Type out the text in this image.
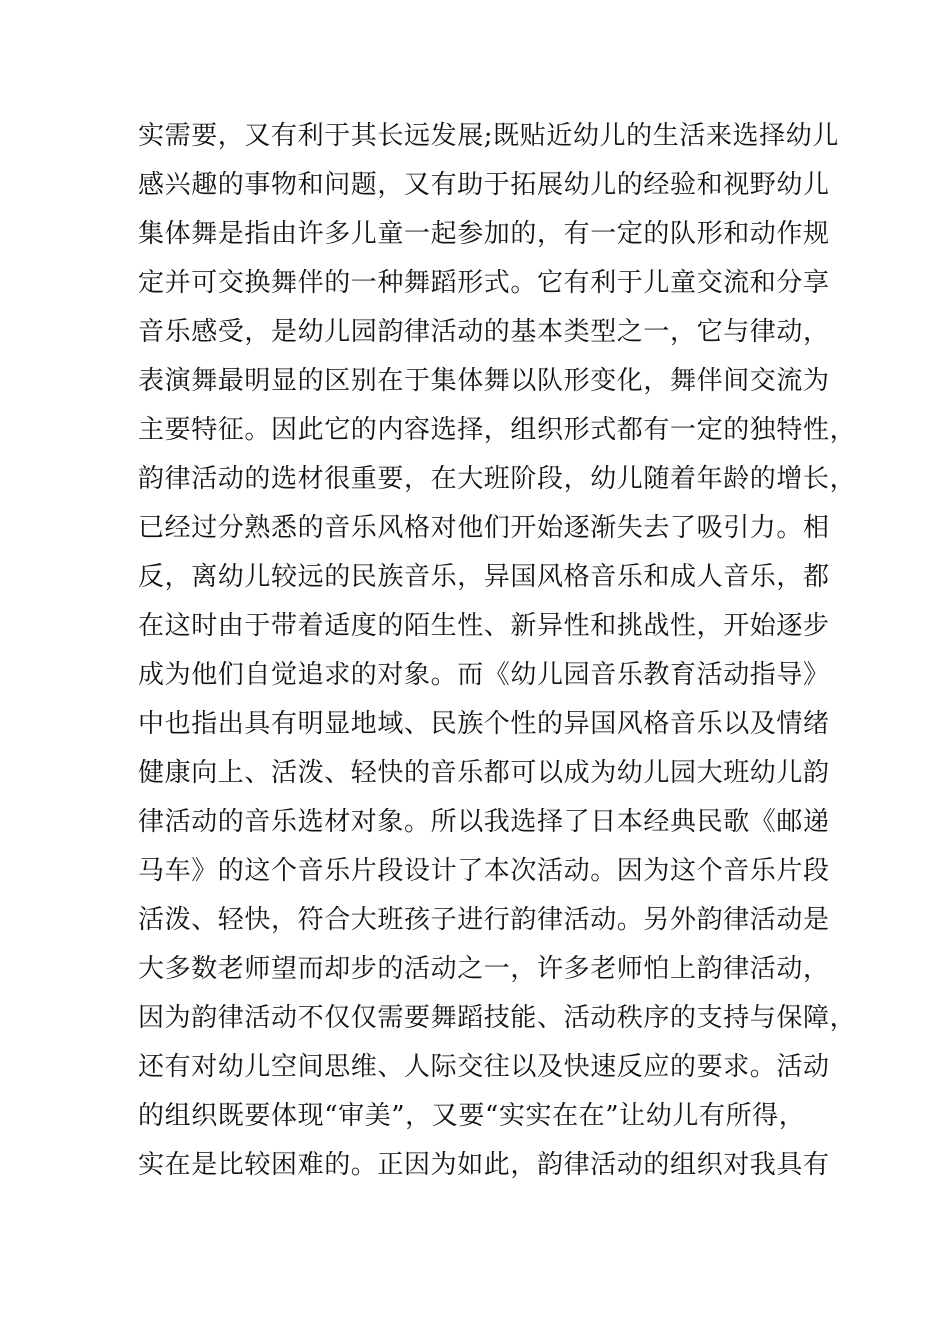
实需要，又有利于其长远发展;既贴近幼儿的生活来选择幼儿
感兴趣的事物和问题，又有助于拓展幼儿的经验和视野幼儿
集体舞是指由许多儿童一起参加的，有一定的队形和动作规
定并可交换舞伴的一种舞蹈形式。它有利于儿童交流和分享
音乐感受，是幼儿园韵律活动的基本类型之一，它与律动，
表演舞最明显的区别在于集体舞以队形变化，舞伴间交流为
主要特征。因此它的内容选择，组织形式都有一定的独特性，
韵律活动的选材很重要，在大班阶段，幼儿随着年龄的增长，
已经过分熟悉的音乐风格对他们开始逐渐失去了吸引力。相
反，离幼儿较远的民族音乐，异国风格音乐和成人音乐，都
在这时由于带着适度的陌生性、新异性和挑战性，开始逐步
成为他们自觉追求的对象。而《幼儿园音乐教育活动指导》
中也指出具有明显地域、民族个性的异国风格音乐以及情绪
健康向上、活泼、轻快的音乐都可以成为幼儿园大班幼儿韵
律活动的音乐选材对象。所以我选择了日本经典民歌《邮递
马车》的这个音乐片段设计了本次活动。因为这个音乐片段
活泼、轻快，符合大班孩子进行韵律活动。另外韵律活动是
大多数老师望而却步的活动之一，许多老师怕上韵律活动，
因为韵律活动不仅仅需要舞蹈技能、活动秩序的支持与保障，
还有对幼儿空间思维、人际交往以及快速反应的要求。活动
的组织既要体现“审美”，又要“实实在在”让幼儿有所得，
实在是比较困难的。正因为如此，韵律活动的组织对我具有
